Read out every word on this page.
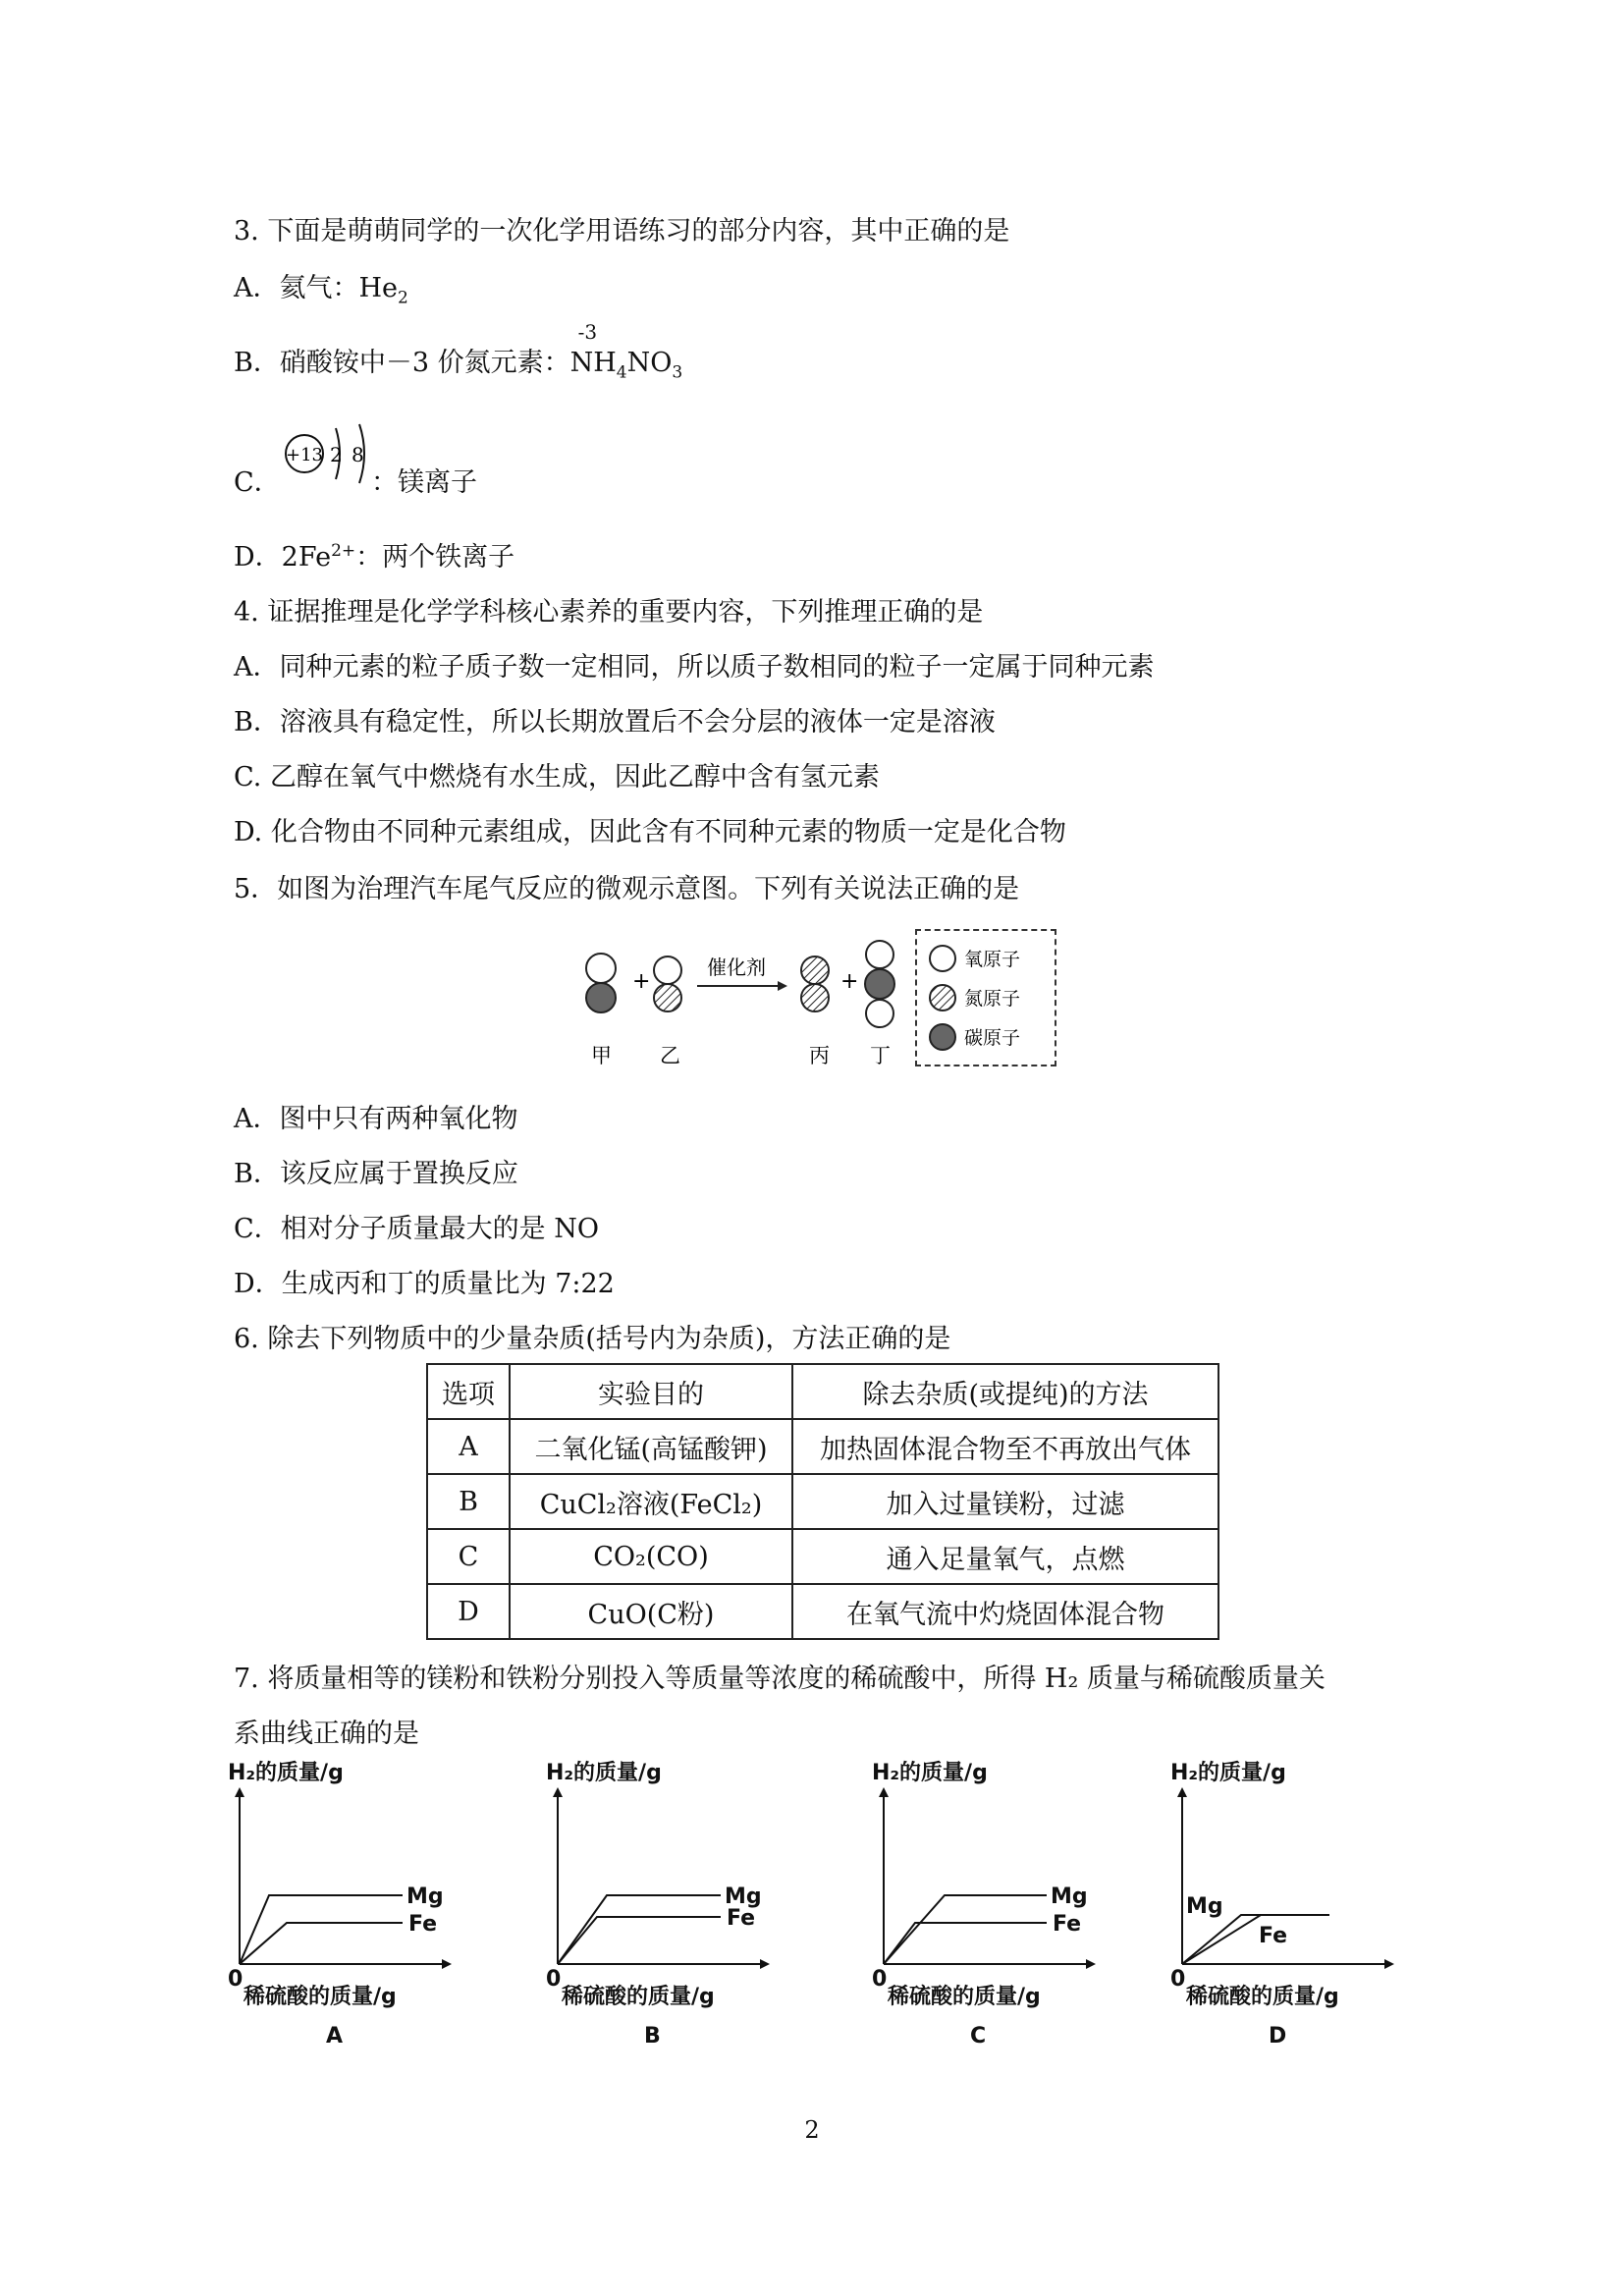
3. 下面是萌萌同学的一次化学用语练习的部分内容，其中正确的是
A．氦气：$He_2$
B．硝酸铵中－3 价氮元素：
-3
$NH_4NO_3$
C．
+13 2 8
：镁离子
D．$2Fe^{2+}$：两个铁离子
4. 证据推理是化学学科核心素养的重要内容，下列推理正确的是
A．同种元素的粒子质子数一定相同，所以质子数相同的粒子一定属于同种元素
B．溶液具有稳定性，所以长期放置后不会分层的液体一定是溶液
C. 乙醇在氧气中燃烧有水生成，因此乙醇中含有氢元素
D. 化合物由不同种元素组成，因此含有不同种元素的物质一定是化合物
5．如图为治理汽车尾气反应的微观示意图。下列有关说法正确的是
+
催化剂
+
甲 乙	丙 丁
氧原子
氮原子
碳原子
A．图中只有两种氧化物
B．该反应属于置换反应
C．相对分子质量最大的是 NO
D．生成丙和丁的质量比为 7:22
6. 除去下列物质中的少量杂质(括号内为杂质)，方法正确的是
选项	实验目的	除去杂质(或提纯)的方法
A	二氧化锰(高锰酸钾)	加热固体混合物至不再放出气体
B	CuCl₂溶液(FeCl₂)	加入过量镁粉，过滤
C	CO₂(CO)	通入足量氧气，点燃
D	CuO(C粉)	在氧气流中灼烧固体混合物
7. 将质量相等的镁粉和铁粉分别投入等质量等浓度的稀硫酸中，所得 H₂ 质量与稀硫酸质量关
系曲线正确的是
H₂的质量/g
0
稀硫酸的质量/g
Mg
Fe
A
H₂的质量/g
0
稀硫酸的质量/g
Mg
Fe
B
H₂的质量/g
0
稀硫酸的质量/g
Mg
Fe
C
H₂的质量/g
0
稀硫酸的质量/g
Mg
Fe
D
2
